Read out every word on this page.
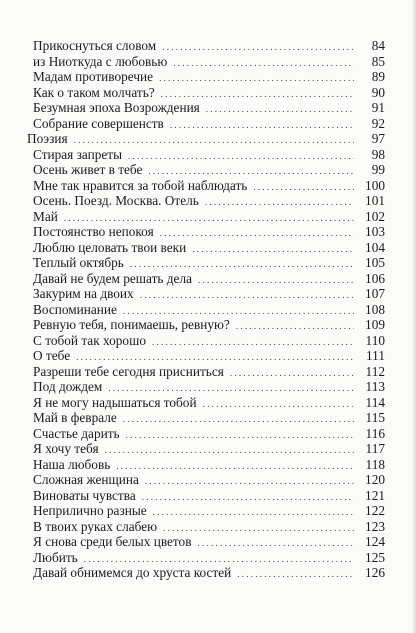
Прикоснуться словом . . .	84
из Ниоткуда с любовью . . .	85
Мадам противоречие . . .	89
Как о таком молчать? . . .	90
Безумная эпоха Возрождения . . .	91
Собрание совершенств . . .	92
Поэзия . . .	97
Стирая запреты . . .	98
Осень живет в тебе . . .	99
Мне так нравится за тобой наблюдать . . .	100
Осень. Поезд. Москва. Отель . . .	101
Май . . .	102
Постоянство непокоя . . .	103
Люблю целовать твои веки . . .	104
Теплый октябрь . . .	105
Давай не будем решать дела . . .	106
Закурим на двоих . . .	107
Воспоминание . . .	108
Ревную тебя, понимаешь, ревную? . . .	109
С тобой так хорошо . . .	110
О тебе . . .	111
Разреши тебе сегодня присниться . . .	112
Под дождем . . .	113
Я не могу надышаться тобой . . .	114
Май в феврале . . .	115
Счастье дарить . . .	116
Я хочу тебя . . .	117
Наша любовь . . .	118
Сложная женщина . . .	120
Виноваты чувства . . .	121
Неприлично разные . . .	122
В твоих руках слабею . . .	123
Я снова среди белых цветов . . .	124
Любить . . .	125
Давай обнимемся до хруста костей . . .	126
